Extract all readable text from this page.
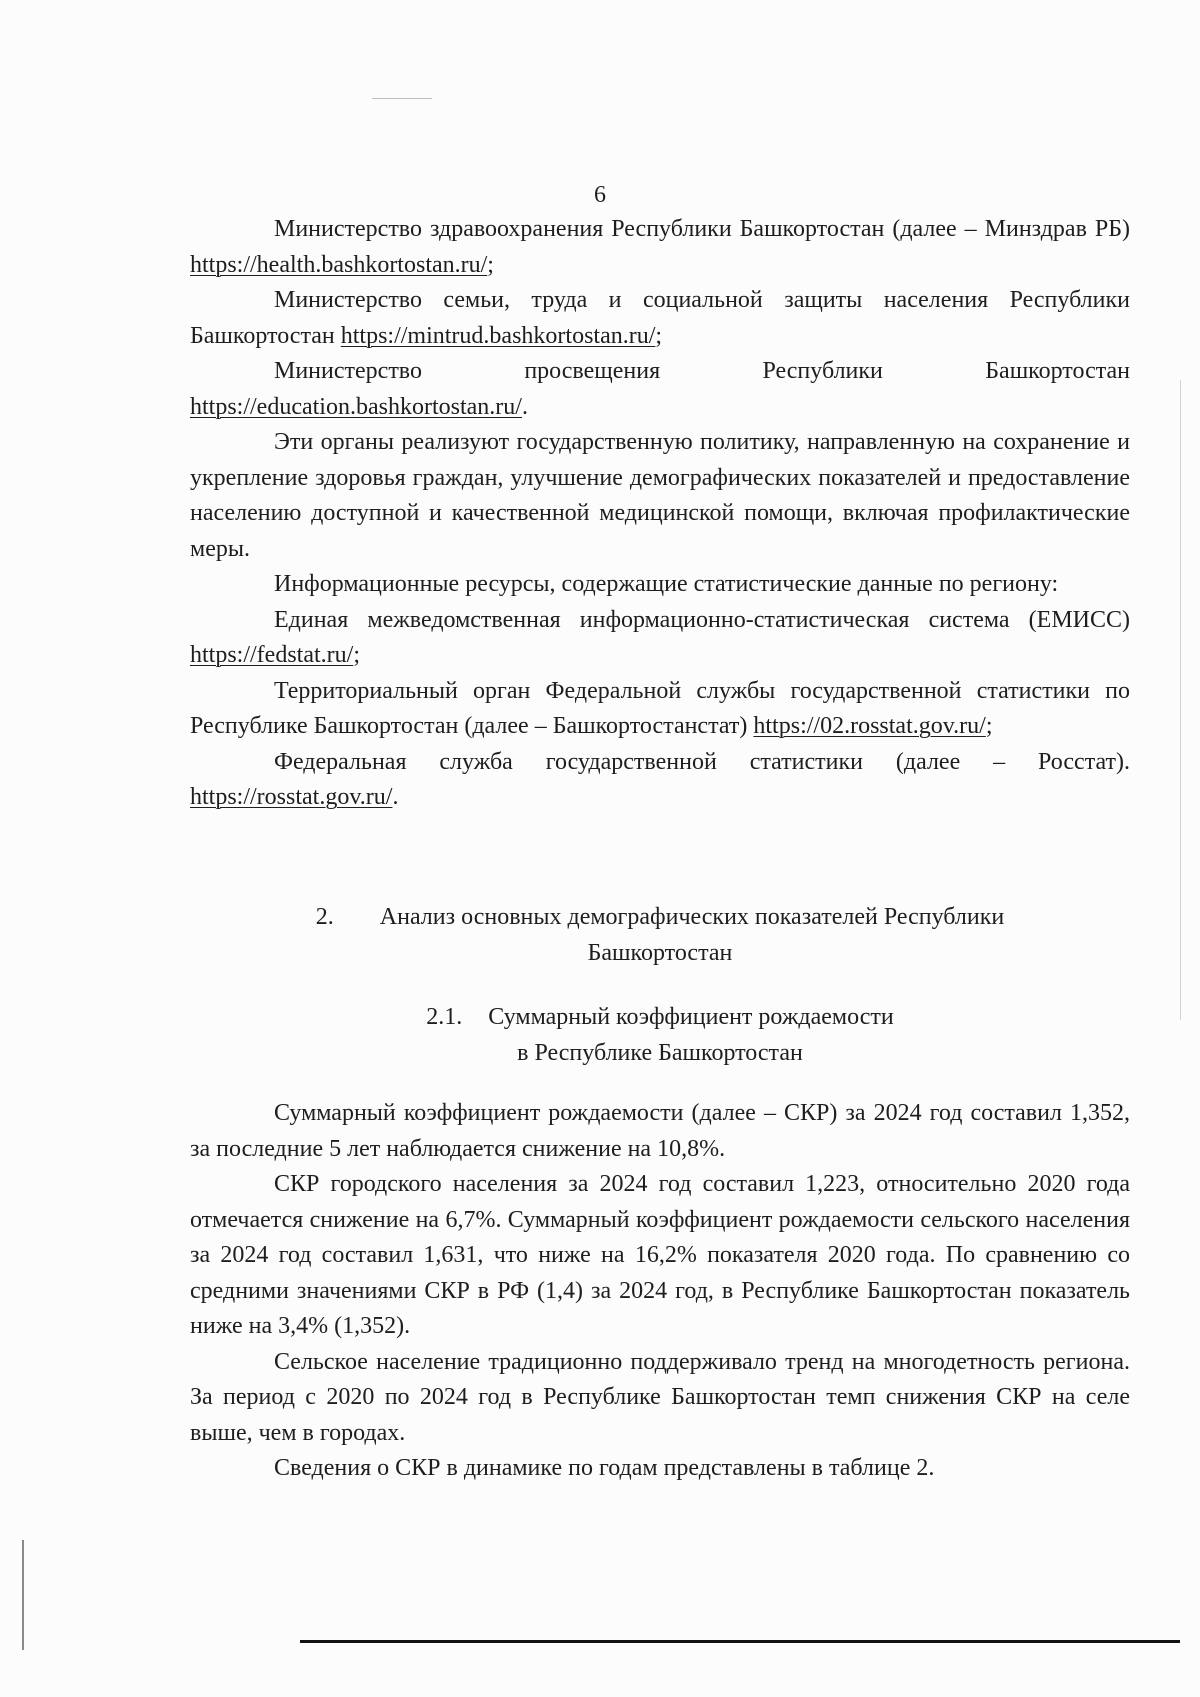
6

Министерство здравоохранения Республики Башкортостан (далее – Минздрав РБ) https://health.bashkortostan.ru/;

Министерство семьи, труда и социальной защиты населения Республики Башкортостан https://mintrud.bashkortostan.ru/;

Министерство просвещения Республики Башкортостан https://education.bashkortostan.ru/.

Эти органы реализуют государственную политику, направленную на сохранение и укрепление здоровья граждан, улучшение демографических показателей и предоставление населению доступной и качественной медицинской помощи, включая профилактические меры.

Информационные ресурсы, содержащие статистические данные по региону:

Единая межведомственная информационно-статистическая система (ЕМИСС) https://fedstat.ru/;

Территориальный орган Федеральной службы государственной статистики по Республике Башкортостан (далее – Башкортостанстат) https://02.rosstat.gov.ru/;

Федеральная служба государственной статистики (далее – Росстат). https://rosstat.gov.ru/.

2. Анализ основных демографических показателей Республики

Башкортостан

2.1. Суммарный коэффициент рождаемости

в Республике Башкортостан

Суммарный коэффициент рождаемости (далее – СКР) за 2024 год составил 1,352, за последние 5 лет наблюдается снижение на 10,8%.

СКР городского населения за 2024 год составил 1,223, относительно 2020 года отмечается снижение на 6,7%. Суммарный коэффициент рождаемости сельского населения за 2024 год составил 1,631, что ниже на 16,2% показателя 2020 года. По сравнению со средними значениями СКР в РФ (1,4) за 2024 год, в Республике Башкортостан показатель ниже на 3,4% (1,352).

Сельское население традиционно поддерживало тренд на многодетность региона. За период с 2020 по 2024 год в Республике Башкортостан темп снижения СКР на селе выше, чем в городах.

Сведения о СКР в динамике по годам представлены в таблице 2.
